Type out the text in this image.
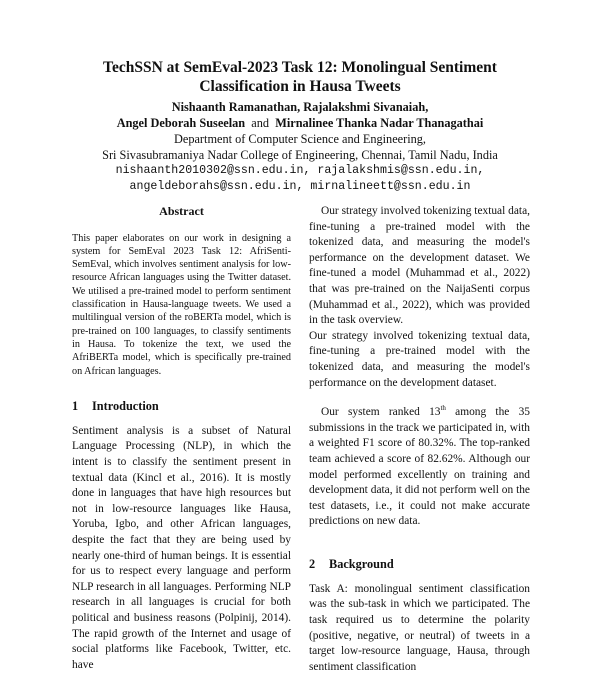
TechSSN at SemEval-2023 Task 12: Monolingual Sentiment
Classification in Hausa Tweets
Nishaanth Ramanathan, Rajalakshmi Sivanaiah,
Angel Deborah Suseelan and Mirnalinee Thanka Nadar Thanagathai
Department of Computer Science and Engineering,
Sri Sivasubramaniya Nadar College of Engineering, Chennai, Tamil Nadu, India
nishaanth2010302@ssn.edu.in, rajalakshmis@ssn.edu.in,
angeldeborahs@ssn.edu.in, mirnalineett@ssn.edu.in
Abstract

This paper elaborates on our work in designing a system for SemEval 2023 Task 12: AfriSenti-SemEval, which involves sentiment analysis for low-resource African languages using the Twitter dataset. We utilised a pre-trained model to perform sentiment classification in Hausa-language tweets. We used a multilingual version of the roBERTa model, which is pre-trained on 100 languages, to classify sentiments in Hausa. To tokenize the text, we used the AfriBERTa model, which is specifically pre-trained on African languages.

1 Introduction

Sentiment analysis is a subset of Natural Language Processing (NLP), in which the intent is to classify the sentiment present in textual data (Kincl et al., 2016). It is mostly done in languages that have high resources but not in low-resource languages like Hausa, Yoruba, Igbo, and other African languages, despite the fact that they are being used by nearly one-third of human beings. It is essential for us to respect every language and perform NLP research in all languages. Performing NLP research in all languages is crucial for both political and business reasons (Polpinij, 2014). The rapid growth of the Internet and usage of social platforms like Facebook, Twitter, etc. have

Our strategy involved tokenizing textual data, fine-tuning a pre-trained model with the tokenized data, and measuring the model's performance on the development dataset. We fine-tuned a model (Muhammad et al., 2022) that was pre-trained on the NaijaSenti corpus (Muhammad et al., 2022), which was provided in the task overview.

Our strategy involved tokenizing textual data, fine-tuning a pre-trained model with the tokenized data, and measuring the model's performance on the development dataset.

Our system ranked 13th among the 35 submissions in the track we participated in, with a weighted F1 score of 80.32%. The top-ranked team achieved a score of 82.62%. Although our model performed excellently on training and development data, it did not perform well on the test datasets, i.e., it could not make accurate predictions on new data.

2 Background

Task A: monolingual sentiment classification was the sub-task in which we participated. The task required us to determine the polarity (positive, negative, or neutral) of tweets in a target low-resource language, Hausa, through sentiment classification
